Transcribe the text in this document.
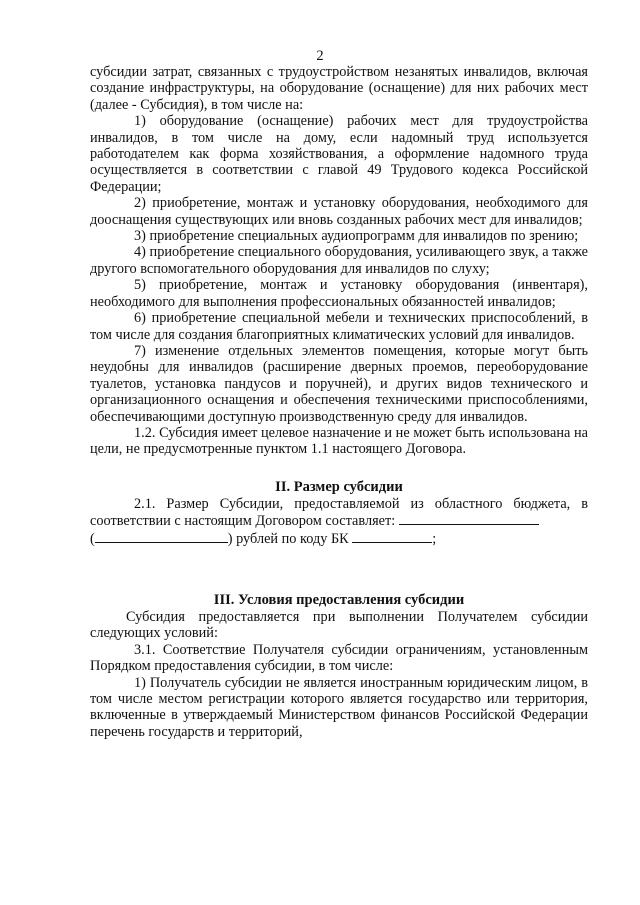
2

субсидии затрат, связанных с трудоустройством незанятых инвалидов, включая создание инфраструктуры, на оборудование (оснащение) для них рабочих мест (далее - Субсидия), в том числе на:

1) оборудование (оснащение) рабочих мест для трудоустройства инвалидов, в том числе на дому, если надомный труд используется работодателем как форма хозяйствования, а оформление надомного труда осуществляется в соответствии с главой 49 Трудового кодекса Российской Федерации;

2) приобретение, монтаж и установку оборудования, необходимого для дооснащения существующих или вновь созданных рабочих мест для инвалидов;

3) приобретение специальных аудиопрограмм для инвалидов по зрению;

4) приобретение специального оборудования, усиливающего звук, а также другого вспомогательного оборудования для инвалидов по слуху;

5) приобретение, монтаж и установку оборудования (инвентаря), необходимого для выполнения профессиональных обязанностей инвалидов;

6) приобретение специальной мебели и технических приспособлений, в том числе для создания благоприятных климатических условий для инвалидов.

7) изменение отдельных элементов помещения, которые могут быть неудобны для инвалидов (расширение дверных проемов, переоборудование туалетов, установка пандусов и поручней), и других видов технического и организационного оснащения и обеспечения техническими приспособлениями, обеспечивающими доступную производственную среду для инвалидов.

1.2. Субсидия имеет целевое назначение и не может быть использована на цели, не предусмотренные пунктом 1.1 настоящего Договора.

II. Размер субсидии

2.1. Размер Субсидии, предоставляемой из областного бюджета, в соответствии с настоящим Договором составляет:
(	) рублей по коду БК	;

III. Условия предоставления субсидии

Субсидия предоставляется при выполнении Получателем субсидии следующих условий:

3.1. Соответствие Получателя субсидии ограничениям, установленным Порядком предоставления субсидии, в том числе:

1) Получатель субсидии не является иностранным юридическим лицом, в том числе местом регистрации которого является государство или территория, включенные в утверждаемый Министерством финансов Российской Федерации перечень государств и территорий,
